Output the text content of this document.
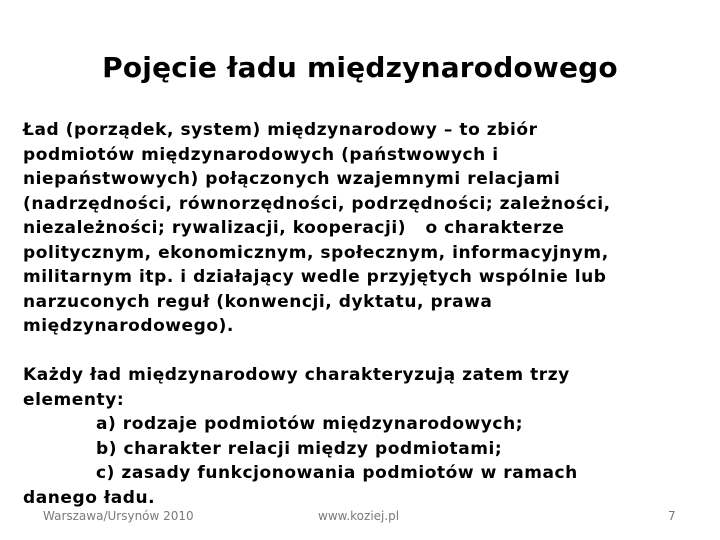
Pojęcie ładu międzynarodowego
Ład (porządek, system) międzynarodowy – to zbiór
podmiotów międzynarodowych (państwowych i
niepaństwowych) połączonych wzajemnymi relacjami
(nadrzędności, równorzędności, podrzędności; zależności,
niezależności; rywalizacji, kooperacji)   o charakterze
politycznym, ekonomicznym, społecznym, informacyjnym,
militarnym itp. i działający wedle przyjętych wspólnie lub
narzuconych reguł (konwencji, dyktatu, prawa
międzynarodowego).
Każdy ład międzynarodowy charakteryzują zatem trzy
elementy:
a) rodzaje podmiotów międzynarodowych;
b) charakter relacji między podmiotami;
c) zasady funkcjonowania podmiotów w ramach
danego ładu.
Warszawa/Ursynów 2010	www.koziej.pl	7
